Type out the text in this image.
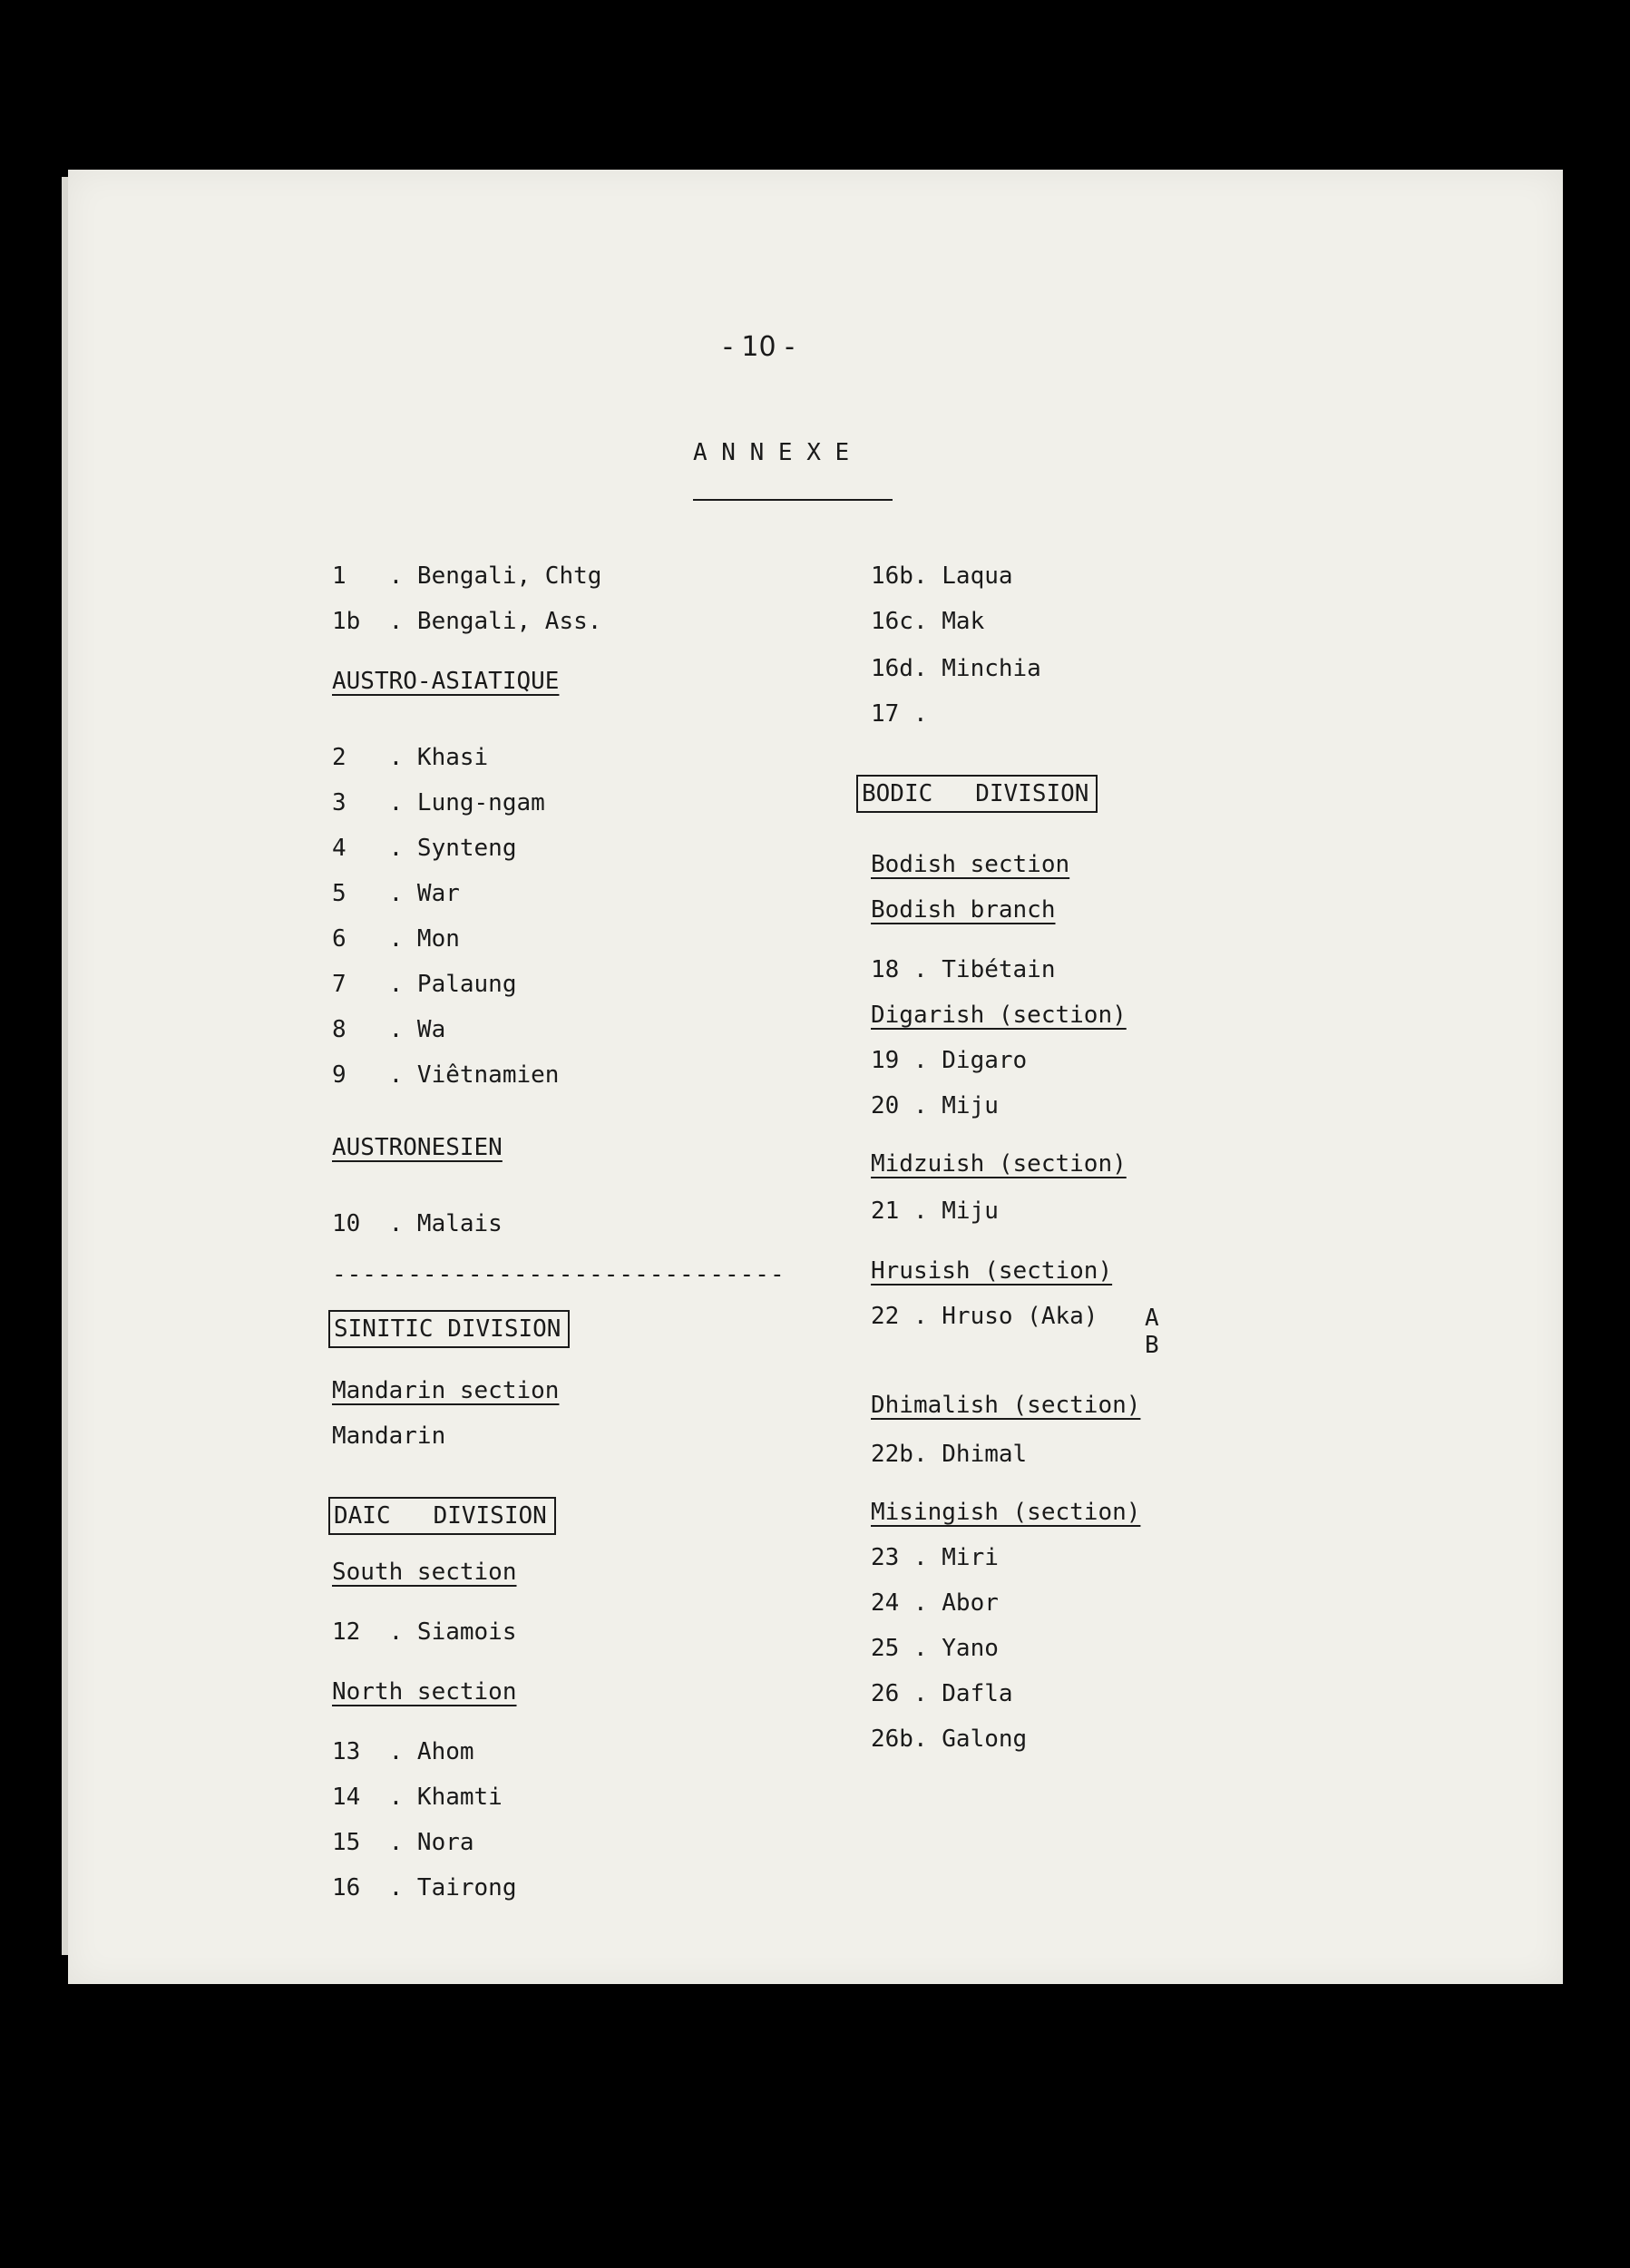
- 10 -
A N N E X E
1   . Bengali, Chtg
1b  . Bengali, Ass.
AUSTRO-ASIATIQUE
2   . Khasi
3   . Lung-ngam
4   . Synteng
5   . War
6   . Mon
7   . Palaung
8   . Wa
9   . Viêtnamien
AUSTRONESIEN
10  . Malais
------------------------------
SINITIC DIVISION
Mandarin section
Mandarin
DAIC   DIVISION
South section
12  . Siamois
North section
13  . Ahom
14  . Khamti
15  . Nora
16  . Tairong
16b. Laqua
16c. Mak
16d. Minchia
17 .
BODIC   DIVISION
Bodish section
Bodish branch
18 . Tibétain
Digarish (section)
19 . Digaro
20 . Miju
Midzuish (section)
21 . Miju
Hrusish (section)
22 . Hruso (Aka) A
B
Dhimalish (section)
22b. Dhimal
Misingish (section)
23 . Miri
24 . Abor
25 . Yano
26 . Dafla
26b. Galong
